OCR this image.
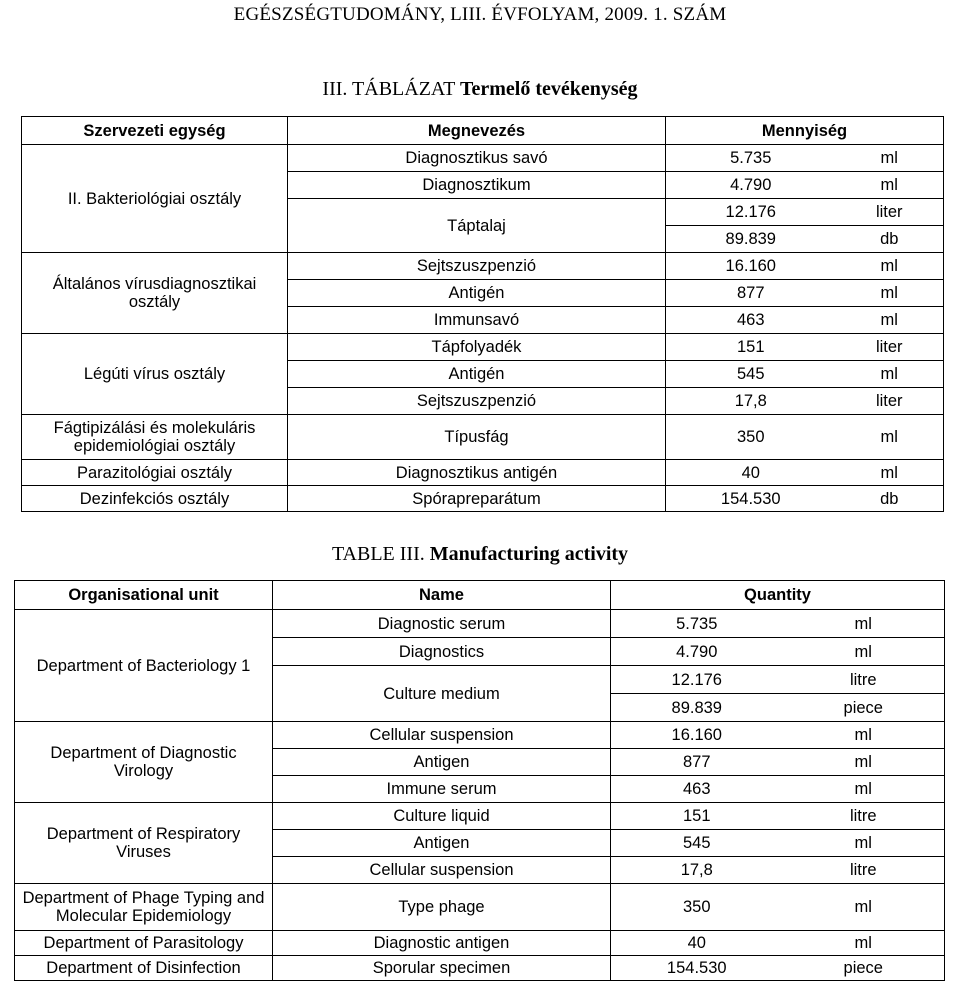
EGÉSZSÉGTUDOMÁNY, LIII. ÉVFOLYAM, 2009. 1. SZÁM
III. TÁBLÁZAT Termelő tevékenység
Szervezeti egység	Megnevezés	Mennyiség	
II. Bakteriológiai osztály	Diagnosztikus savó	5.735	ml
	Diagnosztikum	4.790	ml
	Táptalaj	12.176	liter
		89.839	db
Általános vírusdiagnosztikai osztály	Sejtszuszpenzió	16.160	ml
	Antigén	877	ml
	Immunsavó	463	ml
Légúti vírus osztály	Tápfolyadék	151	liter
	Antigén	545	ml
	Sejtszuszpenzió	17,8	liter
Fágtipizálási és molekuláris epidemiológiai osztály	Típusfág	350	ml
Parazitológiai osztály	Diagnosztikus antigén	40	ml
Dezinfekciós osztály	Spórapreparátum	154.530	db
TABLE III. Manufacturing activity
Organisational unit	Name	Quantity	
Department of Bacteriology 1	Diagnostic serum	5.735	ml
	Diagnostics	4.790	ml
	Culture medium	12.176	litre
		89.839	piece
Department of Diagnostic Virology	Cellular suspension	16.160	ml
	Antigen	877	ml
	Immune serum	463	ml
Department of Respiratory Viruses	Culture liquid	151	litre
	Antigen	545	ml
	Cellular suspension	17,8	litre
Department of Phage Typing and Molecular Epidemiology	Type phage	350	ml
Department of Parasitology	Diagnostic antigen	40	ml
Department of Disinfection	Sporular specimen	154.530	piece
